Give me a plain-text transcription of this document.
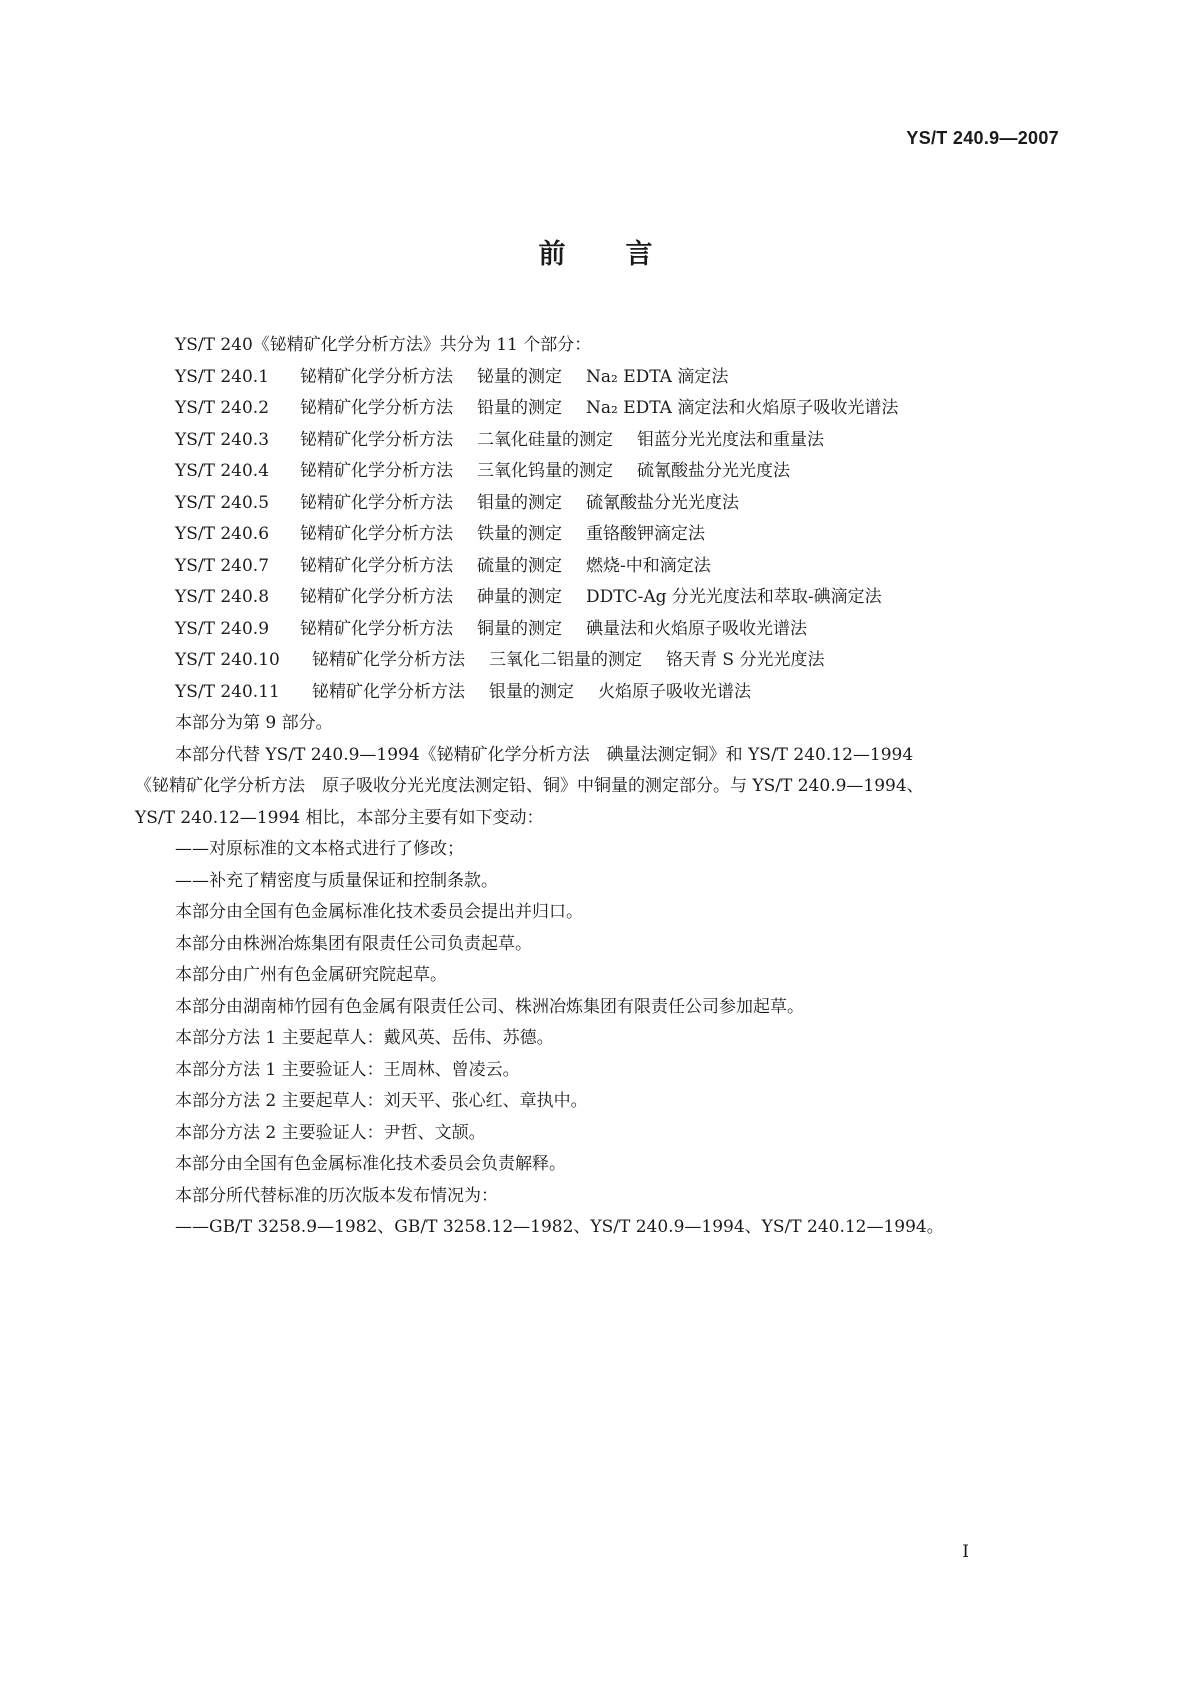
YS/T 240.9—2007
前言
YS/T 240《铋精矿化学分析方法》共分为 11 个部分：
YS/T 240.1	铋精矿化学分析方法 铋量的测定 Na₂ EDTA 滴定法
YS/T 240.2	铋精矿化学分析方法 铅量的测定 Na₂ EDTA 滴定法和火焰原子吸收光谱法
YS/T 240.3	铋精矿化学分析方法 二氧化硅量的测定 钼蓝分光光度法和重量法
YS/T 240.4	铋精矿化学分析方法 三氧化钨量的测定 硫氰酸盐分光光度法
YS/T 240.5	铋精矿化学分析方法 钼量的测定 硫氰酸盐分光光度法
YS/T 240.6	铋精矿化学分析方法 铁量的测定 重铬酸钾滴定法
YS/T 240.7	铋精矿化学分析方法 硫量的测定 燃烧-中和滴定法
YS/T 240.8	铋精矿化学分析方法 砷量的测定 DDTC-Ag 分光光度法和萃取-碘滴定法
YS/T 240.9	铋精矿化学分析方法 铜量的测定 碘量法和火焰原子吸收光谱法
YS/T 240.10	铋精矿化学分析方法 三氧化二铝量的测定 铬天青 S 分光光度法
YS/T 240.11	铋精矿化学分析方法 银量的测定 火焰原子吸收光谱法
本部分为第 9 部分。
本部分代替 YS/T 240.9—1994《铋精矿化学分析方法　碘量法测定铜》和 YS/T 240.12—1994
《铋精矿化学分析方法　原子吸收分光光度法测定铅、铜》中铜量的测定部分。与 YS/T 240.9—1994、
YS/T 240.12—1994 相比，本部分主要有如下变动：
——对原标准的文本格式进行了修改；
——补充了精密度与质量保证和控制条款。
本部分由全国有色金属标准化技术委员会提出并归口。
本部分由株洲冶炼集团有限责任公司负责起草。
本部分由广州有色金属研究院起草。
本部分由湖南柿竹园有色金属有限责任公司、株洲冶炼集团有限责任公司参加起草。
本部分方法 1 主要起草人：戴风英、岳伟、苏德。
本部分方法 1 主要验证人：王周林、曾凌云。
本部分方法 2 主要起草人：刘天平、张心红、章执中。
本部分方法 2 主要验证人：尹哲、文颉。
本部分由全国有色金属标准化技术委员会负责解释。
本部分所代替标准的历次版本发布情况为：
——GB/T 3258.9—1982、GB/T 3258.12—1982、YS/T 240.9—1994、YS/T 240.12—1994。
I
